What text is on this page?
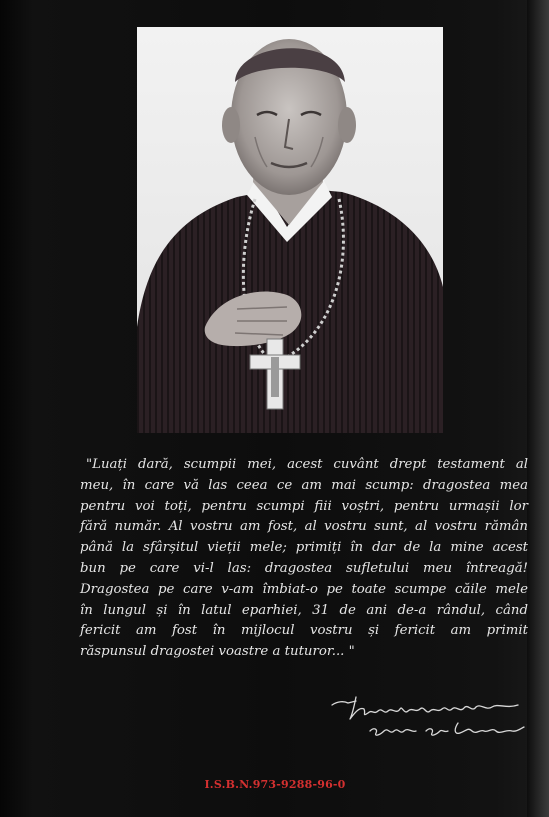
"Luați dară, scumpii mei, acest cuvânt drept testament al
meu, în care vă las ceea ce am mai scump: dragostea mea
pentru voi toți, pentru scumpi fiii voștri, pentru urmașii lor
fără număr. Al vostru am fost, al vostru sunt, al vostru rămân
până la sfârșitul vieții mele; primiți în dar de la mine acest
bun pe care vi-l las: dragostea sufletului meu întreagă!
Dragostea pe care v-am îmbiat-o pe toate scumpe căile mele
în lungul și în latul eparhiei, 31 de ani de-a rândul, când
fericit am fost în mijlocul vostru și fericit am primit
răspunsul dragostei voastre a tuturor... "

I.S.B.N.973-9288-96-0
